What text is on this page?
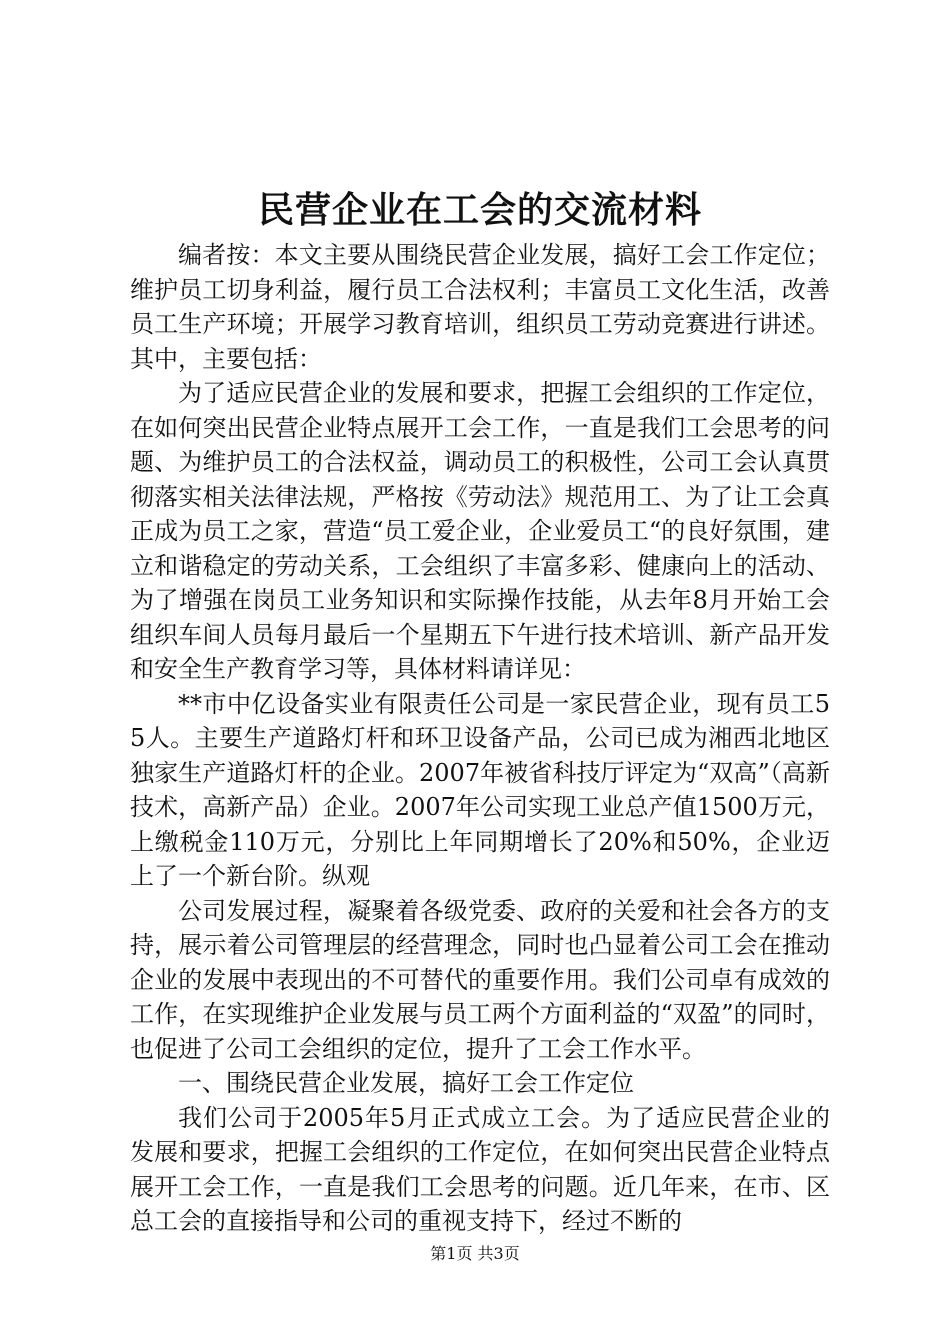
民营企业在工会的交流材料

编者按：本文主要从围绕民营企业发展，搞好工会工作定位；维护员工切身利益，履行员工合法权利；丰富员工文化生活，改善员工生产环境；开展学习教育培训，组织员工劳动竞赛进行讲述。其中，主要包括：

为了适应民营企业的发展和要求，把握工会组织的工作定位，在如何突出民营企业特点展开工会工作，一直是我们工会思考的问题、为维护员工的合法权益，调动员工的积极性，公司工会认真贯彻落实相关法律法规，严格按《劳动法》规范用工、为了让工会真正成为员工之家，营造“员工爱企业，企业爱员工“的良好氛围，建立和谐稳定的劳动关系，工会组织了丰富多彩、健康向上的活动、为了增强在岗员工业务知识和实际操作技能，从去年8月开始工会组织车间人员每月最后一个星期五下午进行技术培训、新产品开发和安全生产教育学习等，具体材料请详见：

**市中亿设备实业有限责任公司是一家民营企业，现有员工55人。主要生产道路灯杆和环卫设备产品，公司已成为湘西北地区独家生产道路灯杆的企业。2007年被省科技厅评定为“双高”（高新技术，高新产品）企业。2007年公司实现工业总产值1500万元，上缴税金110万元，分别比上年同期增长了20%和50%，企业迈上了一个新台阶。纵观

公司发展过程，凝聚着各级党委、政府的关爱和社会各方的支持，展示着公司管理层的经营理念，同时也凸显着公司工会在推动企业的发展中表现出的不可替代的重要作用。我们公司卓有成效的工作，在实现维护企业发展与员工两个方面利益的“双盈”的同时，也促进了公司工会组织的定位，提升了工会工作水平。

一、围绕民营企业发展，搞好工会工作定位

我们公司于2005年5月正式成立工会。为了适应民营企业的发展和要求，把握工会组织的工作定位，在如何突出民营企业特点展开工会工作，一直是我们工会思考的问题。近几年来，在市、区总工会的直接指导和公司的重视支持下，经过不断的

第1页 共3页
